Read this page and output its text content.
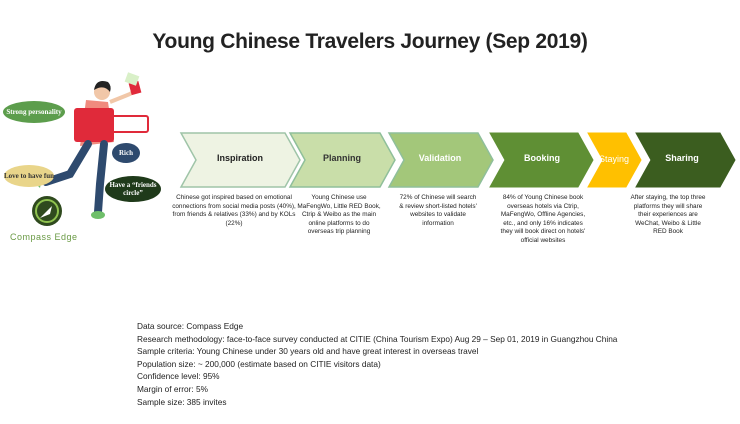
Young Chinese Travelers Journey (Sep 2019)
Strong personality
Rich
Love to have fun
Have a “friends circle”
Compass Edge
Inspiration	Planning	Validation	Booking	Staying	Sharing
Chinese got inspired based on emotional connections from social media posts (40%), from friends & relatives (33%) and by KOLs (22%)
Young Chinese use MaFengWo, Little RED Book, Ctrip & Weibo as the main online platforms to do overseas trip planning
72% of Chinese will search & review short-listed hotels' websites to validate information
84% of Young Chinese book overseas hotels via Ctrip, MaFengWo, Offline Agencies, etc., and only 16% indicates they will book direct on hotels' official websites
After staying, the top three platforms they will share their experiences are WeChat, Weibo & Little RED Book
Data source: Compass Edge
Research methodology: face-to-face survey conducted at CITIE (China Tourism Expo) Aug 29 – Sep 01, 2019 in Guangzhou China
Sample criteria: Young Chinese under 30 years old and have great interest in overseas travel
Population size: ~ 200,000 (estimate based on CITIE visitors data)
Confidence level: 95%
Margin of error: 5%
Sample size: 385 invites
